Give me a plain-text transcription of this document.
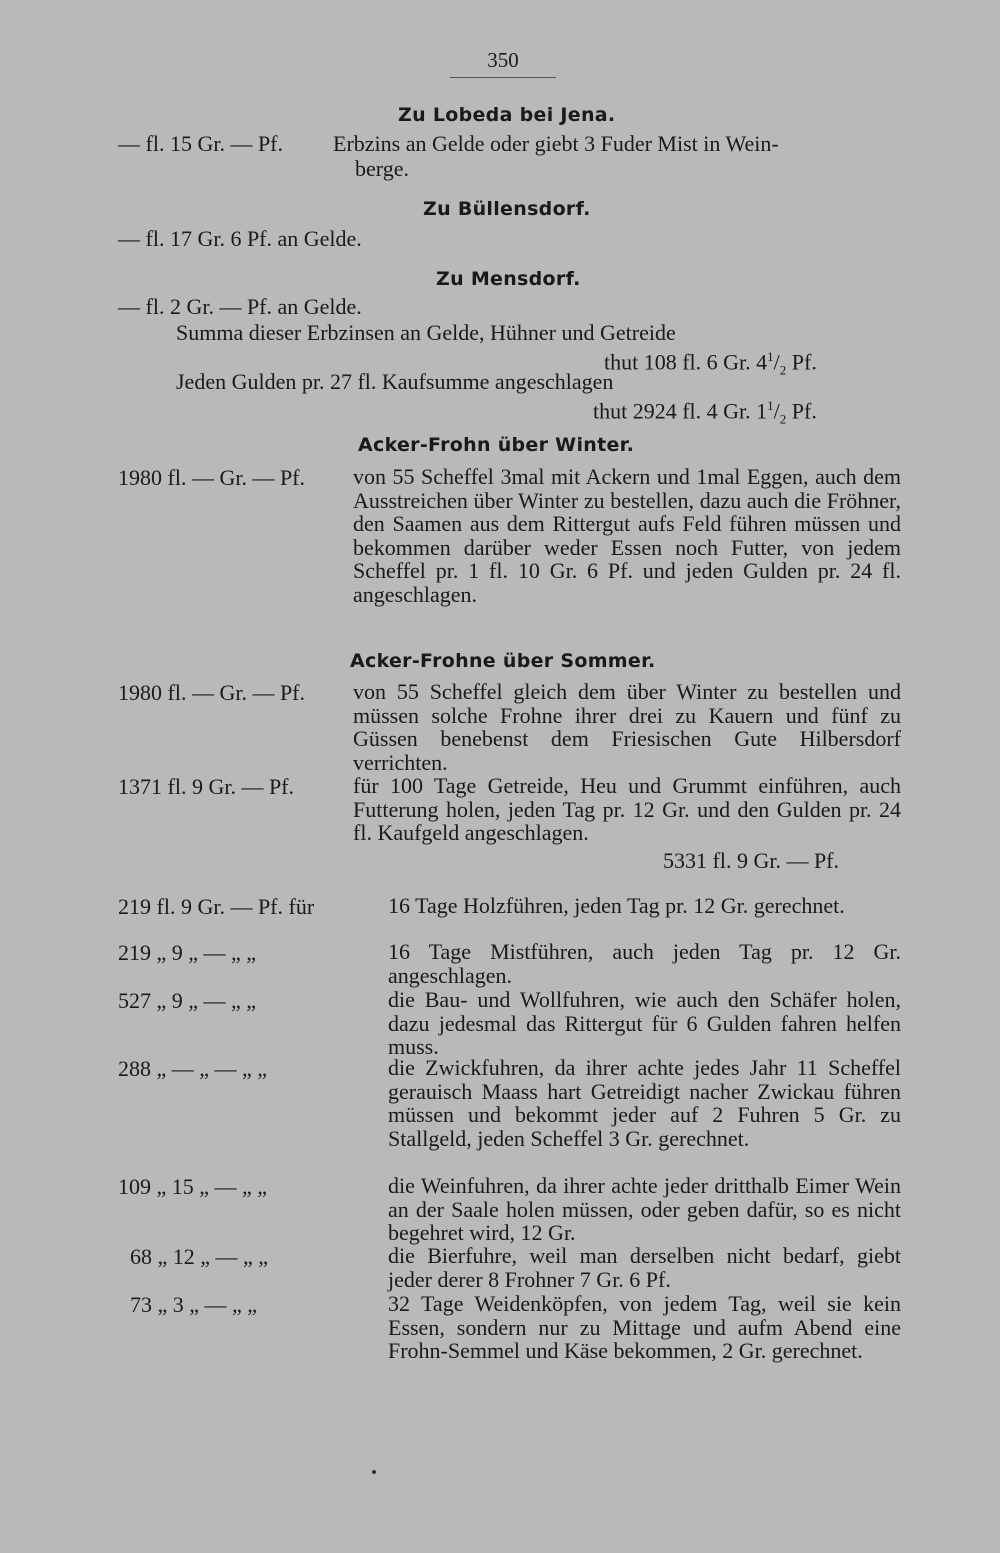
350
Zu Lobeda bei Jena.
— fl. 15 Gr. — Pf. Erbzins an Gelde oder giebt 3 Fuder Mist in Wein-
berge.
Zu Büllensdorf.
— fl. 17 Gr. 6 Pf. an Gelde.
Zu Mensdorf.
— fl. 2 Gr. — Pf. an Gelde.
Summa dieser Erbzinsen an Gelde, Hühner und Getreide
thut 108 fl. 6 Gr. $4^1/_2$ Pf.
Jeden Gulden pr. 27 fl. Kaufsumme angeschlagen
thut 2924 fl. 4 Gr. $1^1/_2$ Pf.
Acker-Frohn über Winter.
1980 fl. — Gr. — Pf. von 55 Scheffel 3mal mit Ackern und 1mal Eggen, auch dem Ausstreichen über Winter zu bestellen, dazu auch die Fröhner, den Saamen aus dem Rittergut aufs Feld führen müssen und bekommen darüber weder Essen noch Futter, von jedem Scheffel pr. 1 fl. 10 Gr. 6 Pf. und jeden Gulden pr. 24 fl. angeschlagen.
Acker-Frohne über Sommer.
1980 fl. — Gr. — Pf. von 55 Scheffel gleich dem über Winter zu bestellen und müssen solche Frohne ihrer drei zu Kauern und fünf zu Güssen benebenst dem Friesischen Gute Hilbersdorf verrichten.
1371 fl. 9 Gr. — Pf.	für 100 Tage Getreide, Heu und Grummt einführen, auch Futterung holen, jeden Tag pr. 12 Gr. und den Gulden pr. 24 fl. Kaufgeld angeschlagen.
5331 fl. 9 Gr. — Pf.
219 fl. 9 Gr. — Pf. für	16 Tage Holzführen, jeden Tag pr. 12 Gr. gerechnet.
219 „ 9 „ — „ „	16 Tage Mistführen, auch jeden Tag pr. 12 Gr. angeschlagen.
527 „ 9 „ — „ „	die Bau- und Wollfuhren, wie auch den Schäfer holen, dazu jedesmal das Rittergut für 6 Gulden fahren helfen muss.
288 „ — „ — „ „	die Zwickfuhren, da ihrer achte jedes Jahr 11 Scheffel gerauisch Maass hart Getreidigt nacher Zwickau führen müssen und bekommt jeder auf 2 Fuhren 5 Gr. zu Stallgeld, jeden Scheffel 3 Gr. gerechnet.
109 „ 15 „ — „ „	die Weinfuhren, da ihrer achte jeder dritthalb Eimer Wein an der Saale holen müssen, oder geben dafür, so es nicht begehret wird, 12 Gr.
68 „ 12 „ — „ „	die Bierfuhre, weil man derselben nicht bedarf, giebt jeder derer 8 Frohner 7 Gr. 6 Pf.
73 „ 3 „ — „ „	32 Tage Weidenköpfen, von jedem Tag, weil sie kein Essen, sondern nur zu Mittage und aufm Abend eine Frohn-Semmel und Käse bekommen, 2 Gr. gerechnet.
